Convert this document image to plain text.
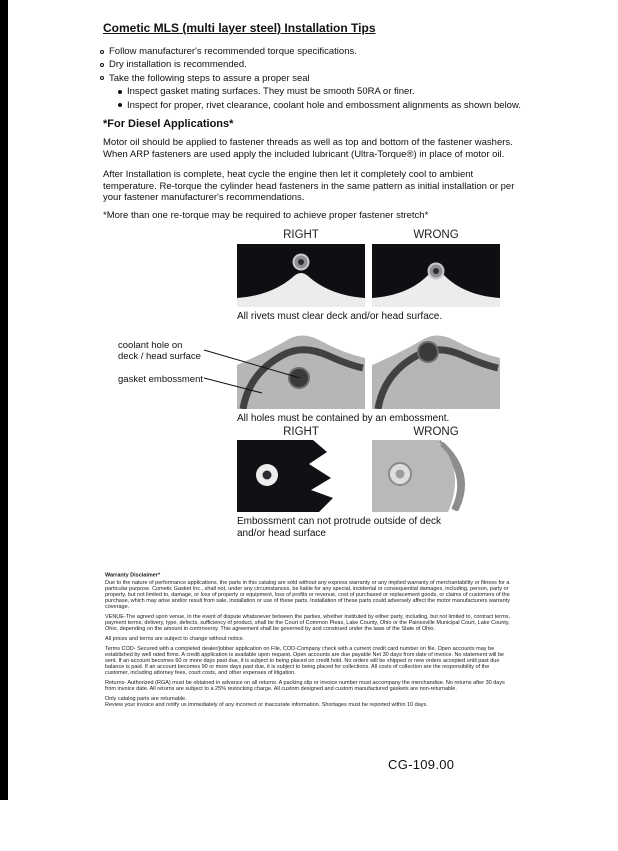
Cometic MLS (multi layer steel) Installation Tips
Follow manufacturer's recommended torque specifications.
Dry installation is recommended.
Take the following steps to assure a proper seal
Inspect gasket mating surfaces. They must be smooth 50RA or finer.
Inspect for proper, rivet clearance, coolant hole and embossment alignments as shown below.
*For Diesel Applications*

Motor oil should be applied to fastener threads as well as top and bottom of the fastener washers. When ARP fasteners are used apply the included lubricant (Ultra-Torque®) in place of motor oil.

After Installation is complete, heat cycle the engine then let it completely cool to ambient temperature. Re-torque the cylinder head fasteners in the same pattern as initial installation or per your fastener manufacturer's recommendations.

*More than one re-torque may be required to achieve proper fastener stretch*

RIGHT	WRONG
All rivets must clear deck and/or head surface.
coolant hole on
deck / head surface
gasket embossment
All holes must be contained by an embossment.
RIGHT	WRONG
Embossment can not protrude outside of deck and/or head surface
Warranty Disclaimer*

Due to the nature of performance applications, the parts in this catalog are sold without any express warranty or any implied warranty of merchantability or fitness for a particular purpose. Cometic Gasket Inc., shall not, under any circumstances, be liable for any special, incidental or consequential damages, including, person, party or property, but not limited to, damage, or loss of property or equipment, loss of profits or revenue, cost of purchased or replacement goods, or claims of customers of the purchase, which may arise and/or result from sale, installation or use of these parts. Installation of these parts could adversely affect the motor manufacturers warranty coverage.

VENUE-The agreed upon venue, in the event of dispute whatsoever between the parties, whether instituted by either party, including, but not limited to, contract terms, payment terms, delivery, type, defects, sufficiency of product, shall be the Court of Common Pleas, Lake County, Ohio or the Painesville Municipal Court, Lake County, Ohio, depending on the amount in controversy. This agreement shall be governed by and construed under the laws of the State of Ohio.

All prices and terms are subject to change without notice.

Terms COD- Secured with a completed dealer/jobber application on File, COD-Company check with a current credit card number on file. Open accounts may be established by well rated firms. A credit application is available upon request. Open accounts are due payable Net 30 days from date of invoice. No statement will be sent. If an account becomes 60 or more days past due, it is subject to being placed on credit hold. No orders will be shipped or new orders accepted until past due balance is paid. If an account becomes 90 or more days past due, it is subject to being placed for collections. All costs of collection are the responsibility of the customer, including attorney fees, court costs, and other expenses of litigation.

Returns- Authorized (RGA) must be obtained in advance on all returns. A packing slip or invoice number must accompany the merchandise. No returns after 30 days from invoice date. All returns are subject to a 25% restocking charge. All custom designed and custom manufactured gaskets are non-returnable.

Only catalog parts are returnable.

Review your invoice and notify us immediately of any incorrect or inaccurate information. Shortages must be reported within 10 days.

CG-109.00
